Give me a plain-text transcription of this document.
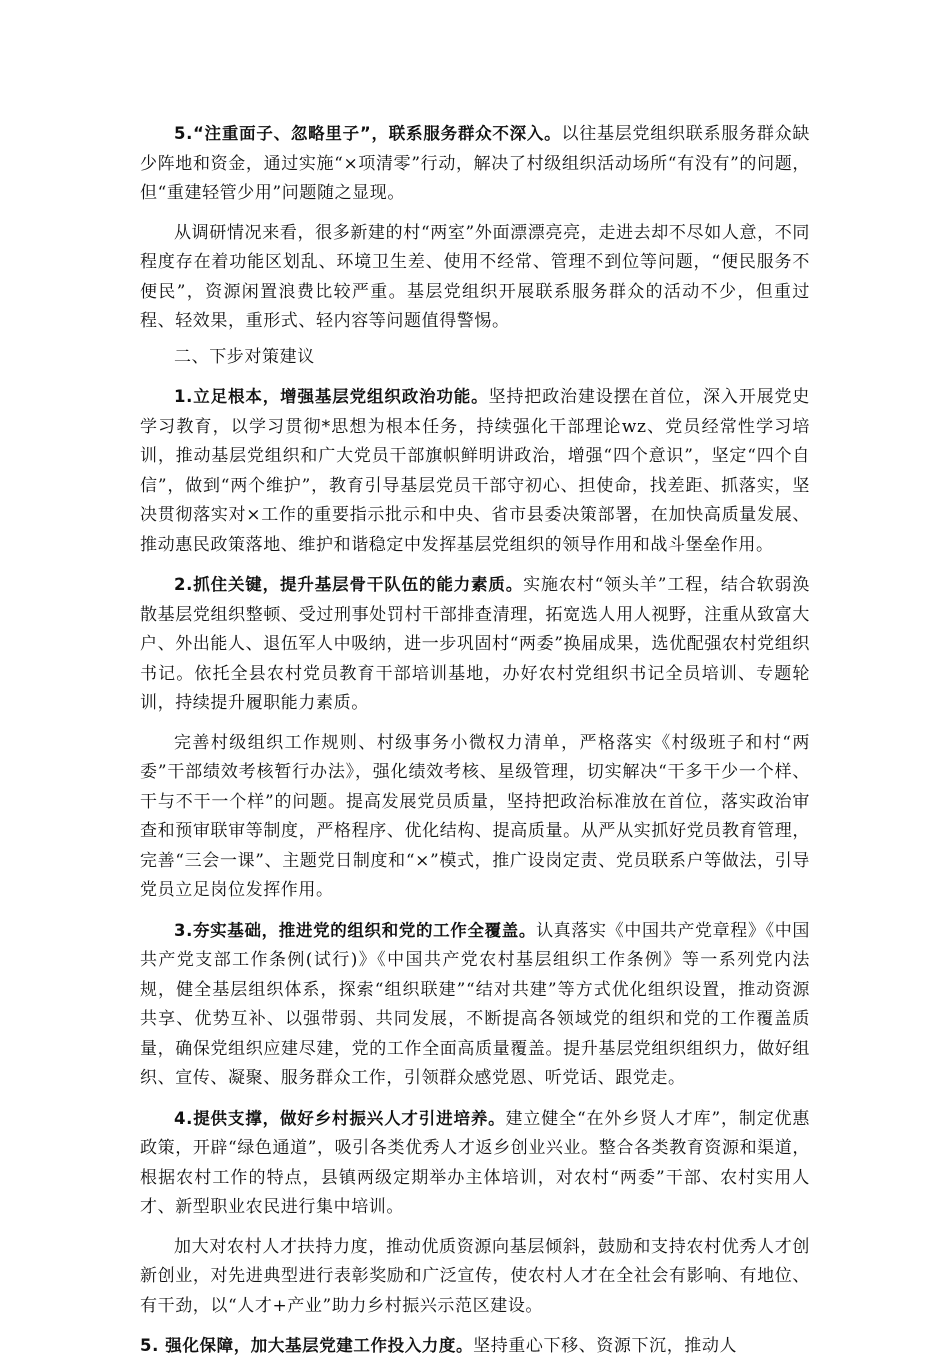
5.“注重面子、忽略里子”，联系服务群众不深入。以往基层党组织联系服务群众缺少阵地和资金，通过实施“×项清零”行动，解决了村级组织活动场所“有没有”的问题，但“重建轻管少用”问题随之显现。

从调研情况来看，很多新建的村“两室”外面漂漂亮亮，走进去却不尽如人意，不同程度存在着功能区划乱、环境卫生差、使用不经常、管理不到位等问题，“便民服务不便民”，资源闲置浪费比较严重。基层党组织开展联系服务群众的活动不少，但重过程、轻效果，重形式、轻内容等问题值得警惕。

二、下步对策建议

1.立足根本，增强基层党组织政治功能。坚持把政治建设摆在首位，深入开展党史学习教育，以学习贯彻*思想为根本任务，持续强化干部理论wz、党员经常性学习培训，推动基层党组织和广大党员干部旗帜鲜明讲政治，增强“四个意识”，坚定“四个自信”，做到“两个维护”，教育引导基层党员干部守初心、担使命，找差距、抓落实，坚决贯彻落实对×工作的重要指示批示和中央、省市县委决策部署，在加快高质量发展、推动惠民政策落地、维护和谐稳定中发挥基层党组织的领导作用和战斗堡垒作用。

2.抓住关键，提升基层骨干队伍的能力素质。实施农村“领头羊”工程，结合软弱涣散基层党组织整顿、受过刑事处罚村干部排查清理，拓宽选人用人视野，注重从致富大户、外出能人、退伍军人中吸纳，进一步巩固村“两委”换届成果，选优配强农村党组织书记。依托全县农村党员教育干部培训基地，办好农村党组织书记全员培训、专题轮训，持续提升履职能力素质。

完善村级组织工作规则、村级事务小微权力清单，严格落实《村级班子和村“两委”干部绩效考核暂行办法》，强化绩效考核、星级管理，切实解决“干多干少一个样、干与不干一个样”的问题。提高发展党员质量，坚持把政治标准放在首位，落实政治审查和预审联审等制度，严格程序、优化结构、提高质量。从严从实抓好党员教育管理，完善“三会一课”、主题党日制度和“×”模式，推广设岗定责、党员联系户等做法，引导党员立足岗位发挥作用。

3.夯实基础，推进党的组织和党的工作全覆盖。认真落实《中国共产党章程》《中国共产党支部工作条例(试行)》《中国共产党农村基层组织工作条例》等一系列党内法规，健全基层组织体系，探索“组织联建”“结对共建”等方式优化组织设置，推动资源共享、优势互补、以强带弱、共同发展，不断提高各领域党的组织和党的工作覆盖质量，确保党组织应建尽建，党的工作全面高质量覆盖。提升基层党组织组织力，做好组织、宣传、凝聚、服务群众工作，引领群众感党恩、听党话、跟党走。

4.提供支撑，做好乡村振兴人才引进培养。建立健全“在外乡贤人才库”，制定优惠政策，开辟“绿色通道”，吸引各类优秀人才返乡创业兴业。整合各类教育资源和渠道，根据农村工作的特点，县镇两级定期举办主体培训，对农村“两委”干部、农村实用人才、新型职业农民进行集中培训。

加大对农村人才扶持力度，推动优质资源向基层倾斜，鼓励和支持农村优秀人才创新创业，对先进典型进行表彰奖励和广泛宣传，使农村人才在全社会有影响、有地位、有干劲，以“人才+产业”助力乡村振兴示范区建设。

5. 强化保障，加大基层党建工作投入力度。坚持重心下移、资源下沉，推动人
